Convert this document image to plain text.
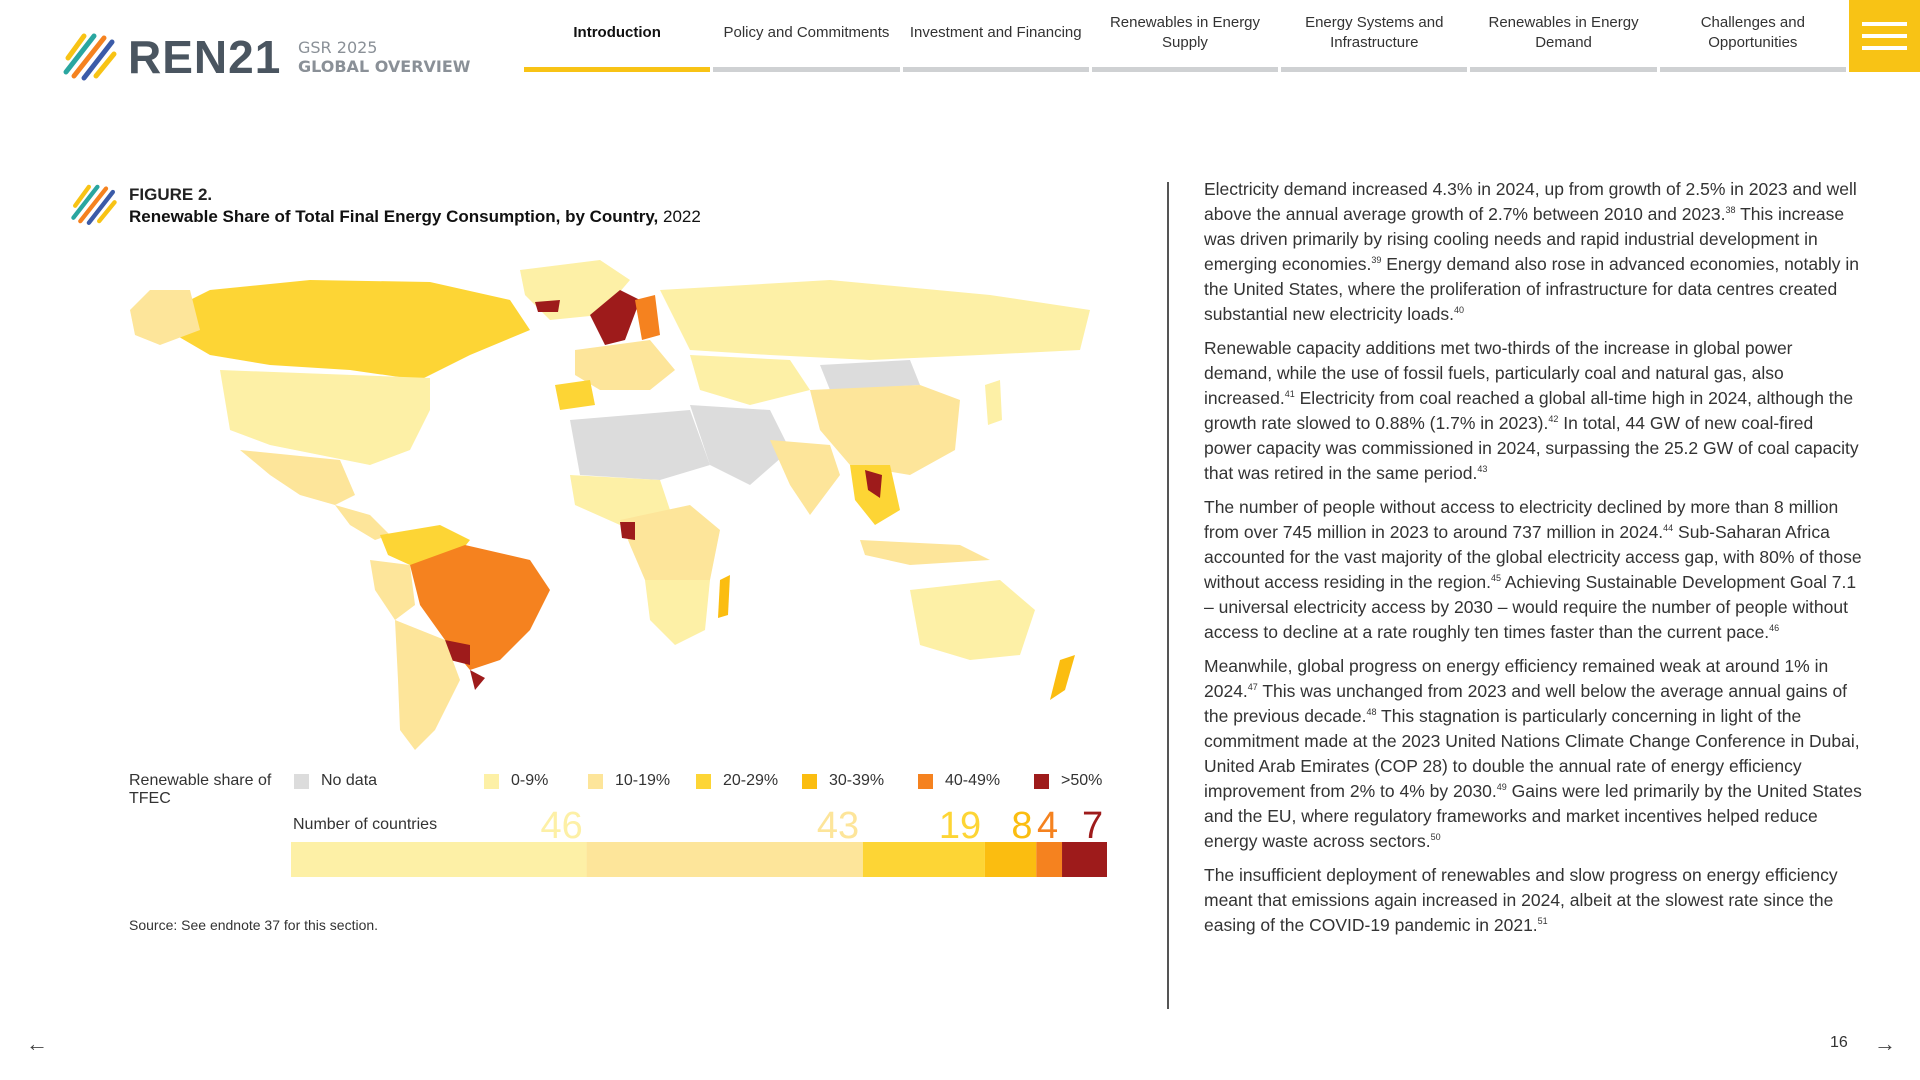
REN21 GSR 2025
GLOBAL OVERVIEW
Introduction	Policy and Commitments Investment and Financing
Renewables in Energy Supply
Energy Systems and Infrastructure
Renewables in Energy Demand
Challenges and Opportunities
FIGURE 2.
Renewable Share of Total Final Energy Consumption, by Country, 2022
Renewable share of TFEC
No data	0-9%	10-19%	20-29%	30-39%	40-49%	>50%
Number of countries	46	43 19 8 4 7
Source: See endnote 37 for this section.

Electricity demand increased 4.3% in 2024, up from growth of 2.5% in 2023 and well above the annual average growth of 2.7% between 2010 and 2023.38 This increase was driven primarily by rising cooling needs and rapid industrial development in emerging economies.$^{39}$ Energy demand also rose in advanced economies, notably in the United States, where the proliferation of infrastructure for data centres created substantial new electricity loads.$^{40}$

Renewable capacity additions met two-thirds of the increase in global power demand, while the use of fossil fuels, particularly coal and natural gas, also increased.$^{41}$ Electricity from coal reached a global all-time high in 2024, although the growth rate slowed to 0.88% (1.7% in 2023).$^{42}$ In total, 44 GW of new coal-fired power capacity was commissioned in 2024, surpassing the 25.2 GW of coal capacity that was retired in the same period.$^{43}$

The number of people without access to electricity declined by more than 8 million from over 745 million in 2023 to around 737 million in 2024.44 Sub-Saharan Africa accounted for the vast majority of the global electricity access gap, with 80% of those without access residing in the region.$^{45}$ Achieving Sustainable Development Goal 7.1 – universal electricity access by 2030 – would require the number of people without access to decline at a rate roughly ten times faster than the current pace.$^{46}$

Meanwhile, global progress on energy efficiency remained weak at around 1% in 2024.47 This was unchanged from 2023 and well below the average annual gains of the previous decade.$^{48}$ This stagnation is particularly concerning in light of the commitment made at the 2023 United Nations Climate Change Conference in Dubai, United Arab Emirates (COP 28) to double the annual rate of energy efficiency improvement from 2% to 4% by 2030.49 Gains were led primarily by the United States and the EU, where regulatory frameworks and market incentives helped reduce energy waste across sectors.$^{50}$

The insufficient deployment of renewables and slow progress on energy efficiency meant that emissions again increased in 2024, albeit at the slowest rate since the easing of the COVID-19 pandemic in 2021.51

←	16 →
